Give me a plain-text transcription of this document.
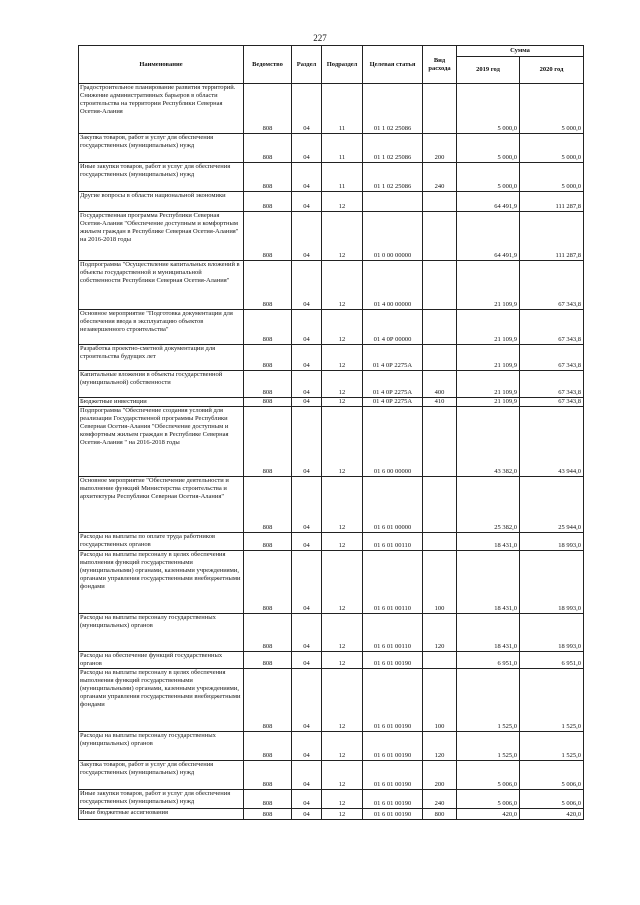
227
Наименование	Ведомство	Раздел	Подраздел	Целевая статья	Вид расхода	Сумма	
						2019 год	2020 год
Градостроительное планирование развития территорий. Снижение административных барьеров в области строительства на территории Республики Северная Осетия-Алания	808	04	11	01 1 02 25086		5 000,0	5 000,0
Закупка товаров, работ и услуг для обеспечения государственных (муниципальных) нужд	808	04	11	01 1 02 25086	200	5 000,0	5 000,0
Иные закупки товаров, работ и услуг для обеспечения государственных (муниципальных) нужд	808	04	11	01 1 02 25086	240	5 000,0	5 000,0
Другие вопросы в области национальной экономики	808	04	12			64 491,9	111 287,8
Государственная программа Республики Северная Осетия-Алания "Обеспечение доступным и комфортным жильем граждан в Республике Северная Осетия-Алания" на 2016-2018 годы	808	04	12	01 0 00 00000		64 491,9	111 287,8
Подпрограмма "Осуществление капитальных вложений в объекты государственной и муниципальной собственности Республики Северная Осетия-Алания"	808	04	12	01 4 00 00000		21 109,9	67 343,8
Основное мероприятие "Подготовка документации для обеспечения ввода в эксплуатацию объектов незавершенного строительства"	808	04	12	01 4 0Р 00000		21 109,9	67 343,8
Разработка проектно-сметной документации для строительства будущих лет	808	04	12	01 4 0Р 2275А		21 109,9	67 343,8
Капитальные вложения в объекты государственной (муниципальной) собственности	808	04	12	01 4 0Р 2275А	400	21 109,9	67 343,8
Бюджетные инвестиции	808	04	12	01 4 0Р 2275А	410	21 109,9	67 343,8
Подпрограмма "Обеспечение создания условий для реализации Государственной программы Республики Северная Осетия-Алания "Обеспечение доступным и комфортным жильем граждан в Республике Северная Осетия-Алания " на 2016-2018 годы	808	04	12	01 6 00 00000		43 382,0	43 944,0
Основное мероприятие "Обеспечение деятельности и выполнение функций Министерства строительства и архитектуры Республики Северная Осетия-Алания"	808	04	12	01 6 01 00000		25 382,0	25 944,0
Расходы на выплаты по оплате труда работников государственных органов	808	04	12	01 6 01 00110		18 431,0	18 993,0
Расходы на выплаты персоналу в целях обеспечения выполнения функций государственными (муниципальными) органами, казенными учреждениями, органами управления государственными внебюджетными фондами	808	04	12	01 6 01 00110	100	18 431,0	18 993,0
Расходы на выплаты персоналу государственных (муниципальных) органов	808	04	12	01 6 01 00110	120	18 431,0	18 993,0
Расходы на обеспечение функций государственных органов	808	04	12	01 6 01 00190		6 951,0	6 951,0
Расходы на выплаты персоналу в целях обеспечения выполнения функций государственными (муниципальными) органами, казенными учреждениями, органами управления государственными внебюджетными фондами	808	04	12	01 6 01 00190	100	1 525,0	1 525,0
Расходы на выплаты персоналу государственных (муниципальных) органов	808	04	12	01 6 01 00190	120	1 525,0	1 525,0
Закупка товаров, работ и услуг для обеспечения государственных (муниципальных) нужд	808	04	12	01 6 01 00190	200	5 006,0	5 006,0
Иные закупки товаров, работ и услуг для обеспечения государственных (муниципальных) нужд	808	04	12	01 6 01 00190	240	5 006,0	5 006,0
Иные бюджетные ассигнования	808	04	12	01 6 01 00190	800	420,0	420,0
